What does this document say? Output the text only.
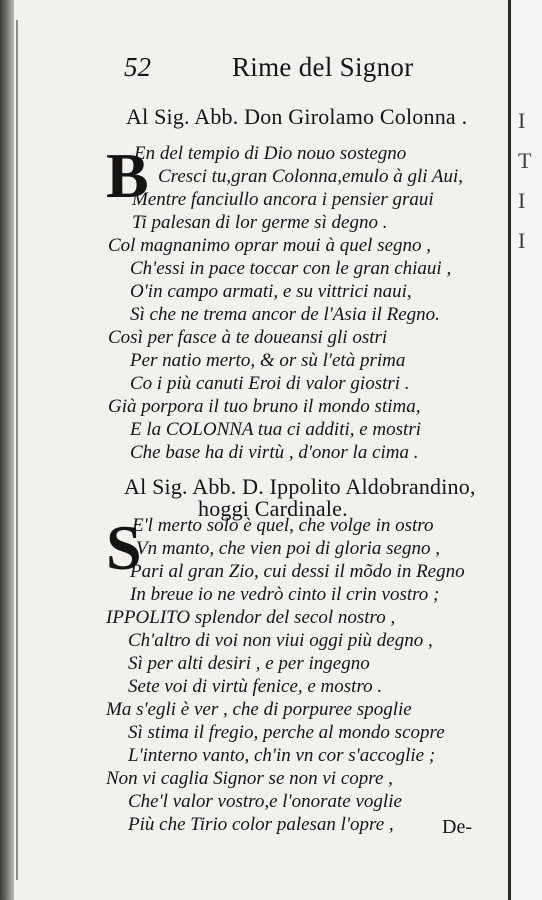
I
T
I
I
52	Rime del Signor
Al Sig. Abb. Don Girolamo Colonna .
B
En del tempio di Dio nouo sostegno
Cresci tu,gran Colonna,emulo à gli Aui,
Mentre fanciullo ancora i pensier graui
Ti palesan di lor germe sì degno .
Col magnanimo oprar moui à quel segno ,
Ch'essi in pace toccar con le gran chiaui ,
O'in campo armati, e su vittrici naui,
Sì che ne trema ancor de l'Asia il Regno.
Così per fasce à te doueansi gli ostri
Per natio merto, & or sù l'età prima
Co i più canuti Eroi di valor giostri .
Già porpora il tuo bruno il mondo stima,
E la COLONNA tua ci additi, e mostri
Che base ha di virtù , d'onor la cima .
Al Sig. Abb. D. Ippolito Aldobrandino,
hoggi Cardinale.
S
E'l merto solo è quel, che volge in ostro
Vn manto, che vien poi di gloria segno ,
Pari al gran Zio, cui dessi il mõdo in Regno
In breue io ne vedrò cinto il crin vostro ;
IPPOLITO splendor del secol nostro ,
Ch'altro di voi non viui oggi più degno ,
Sì per alti desiri , e per ingegno
Sete voi di virtù fenice, e mostro .
Ma s'egli è ver , che di porpuree spoglie
Sì stima il fregio, perche al mondo scopre
L'interno vanto, ch'in vn cor s'accoglie ;
Non vi caglia Signor se non vi copre ,
Che'l valor vostro,e l'onorate voglie
Più che Tirio color palesan l'opre , De-
